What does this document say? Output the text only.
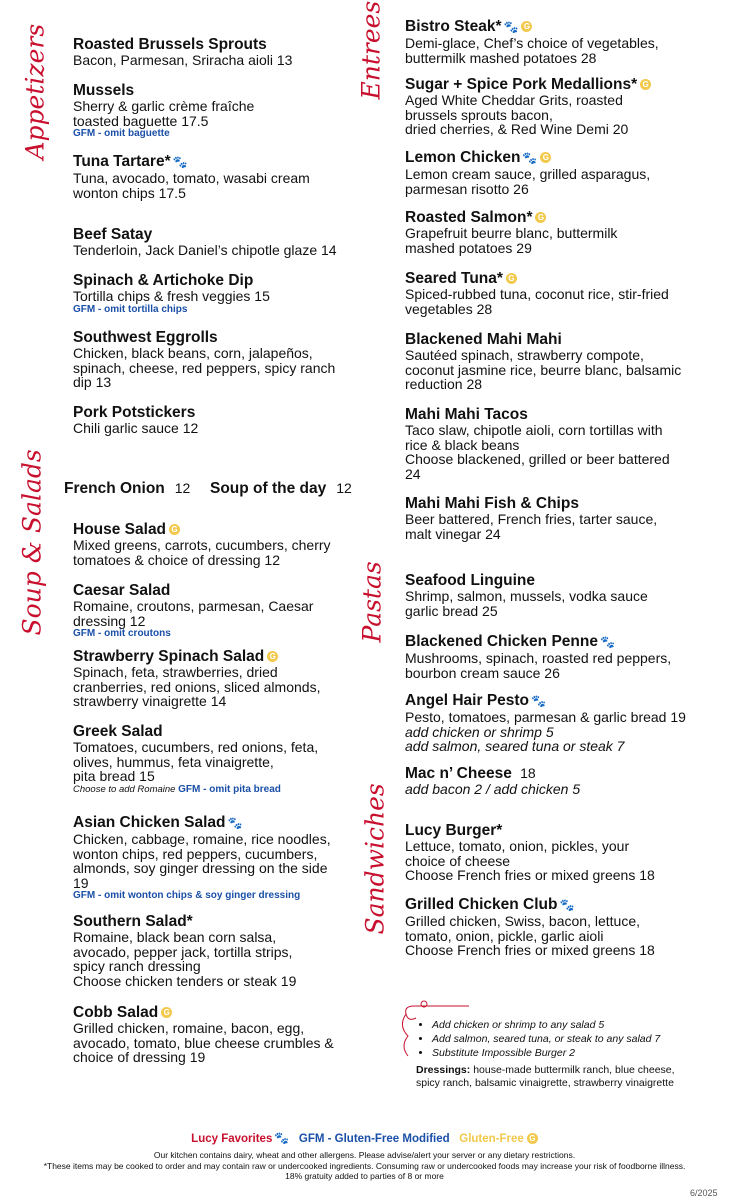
Appetizers	Entrees
Soup & Salads	Pastas
Sandwiches
Roasted Brussels Sprouts
Bacon, Parmesan, Sriracha aioli 13
Mussels
Sherry & garlic crème fraîche
toasted baguette 17.5
GFM - omit baguette
Tuna Tartare* 🐾
Tuna, avocado, tomato, wasabi cream
wonton chips 17.5
Beef Satay
Tenderloin, Jack Daniel’s chipotle glaze 14
Spinach & Artichoke Dip
Tortilla chips & fresh veggies 15
GFM - omit tortilla chips
Southwest Eggrolls
Chicken, black beans, corn, jalapeños,
spinach, cheese, red peppers, spicy ranch
dip 13
Pork Potstickers
Chili garlic sauce 12
French Onion 12 Soup of the day 12
House Salad G
Mixed greens, carrots, cucumbers, cherry
tomatoes & choice of dressing 12
Caesar Salad
Romaine, croutons, parmesan, Caesar
dressing 12
GFM - omit croutons
Strawberry Spinach Salad G
Spinach, feta, strawberries, dried
cranberries, red onions, sliced almonds,
strawberry vinaigrette 14
Greek Salad
Tomatoes, cucumbers, red onions, feta,
olives, hummus, feta vinaigrette,
pita bread 15
Choose to add Romaine GFM - omit pita bread
Asian Chicken Salad 🐾
Chicken, cabbage, romaine, rice noodles,
wonton chips, red peppers, cucumbers,
almonds, soy ginger dressing on the side
19
GFM - omit wonton chips & soy ginger dressing
Southern Salad*
Romaine, black bean corn salsa,
avocado, pepper jack, tortilla strips,
spicy ranch dressing
Choose chicken tenders or steak 19
Cobb Salad G
Grilled chicken, romaine, bacon, egg,
avocado, tomato, blue cheese crumbles &
choice of dressing 19
Bistro Steak* 🐾 G
Demi-glace, Chef’s choice of vegetables,
buttermilk mashed potatoes 28
Sugar + Spice Pork Medallions* G
Aged White Cheddar Grits, roasted
brussels sprouts bacon,
dried cherries, & Red Wine Demi 20
Lemon Chicken 🐾 G
Lemon cream sauce, grilled asparagus,
parmesan risotto 26
Roasted Salmon* G
Grapefruit beurre blanc, buttermilk
mashed potatoes 29
Seared Tuna* G
Spiced-rubbed tuna, coconut rice, stir-fried
vegetables 28
Blackened Mahi Mahi
Sautéed spinach, strawberry compote,
coconut jasmine rice, beurre blanc, balsamic
reduction 28
Mahi Mahi Tacos
Taco slaw, chipotle aioli, corn tortillas with
rice & black beans
Choose blackened, grilled or beer battered
24
Mahi Mahi Fish & Chips
Beer battered, French fries, tarter sauce,
malt vinegar 24
Seafood Linguine
Shrimp, salmon, mussels, vodka sauce
garlic bread 25
Blackened Chicken Penne 🐾
Mushrooms, spinach, roasted red peppers,
bourbon cream sauce 26
Angel Hair Pesto 🐾
Pesto, tomatoes, parmesan & garlic bread 19
add chicken or shrimp 5
add salmon, seared tuna or steak 7
Mac n’ Cheese 18
add bacon 2 / add chicken 5
Lucy Burger*
Lettuce, tomato, onion, pickles, your
choice of cheese
Choose French fries or mixed greens 18
Grilled Chicken Club 🐾
Grilled chicken, Swiss, bacon, lettuce,
tomato, onion, pickle, garlic aioli
Choose French fries or mixed greens 18
• Add chicken or shrimp to any salad 5
• Add salmon, seared tuna, or steak to any salad 7
• Substitute Impossible Burger 2
Dressings: house-made buttermilk ranch, blue cheese,
spicy ranch, balsamic vinaigrette, strawberry vinaigrette
Lucy Favorites 🐾 GFM - Gluten-Free Modified Gluten-Free G
Our kitchen contains dairy, wheat and other allergens. Please advise/alert your server or any dietary restrictions.
*These items may be cooked to order and may contain raw or undercooked ingredients. Consuming raw or undercooked foods may increase your risk of foodborne illness.
18% gratuity added to parties of 8 or more
6/2025
